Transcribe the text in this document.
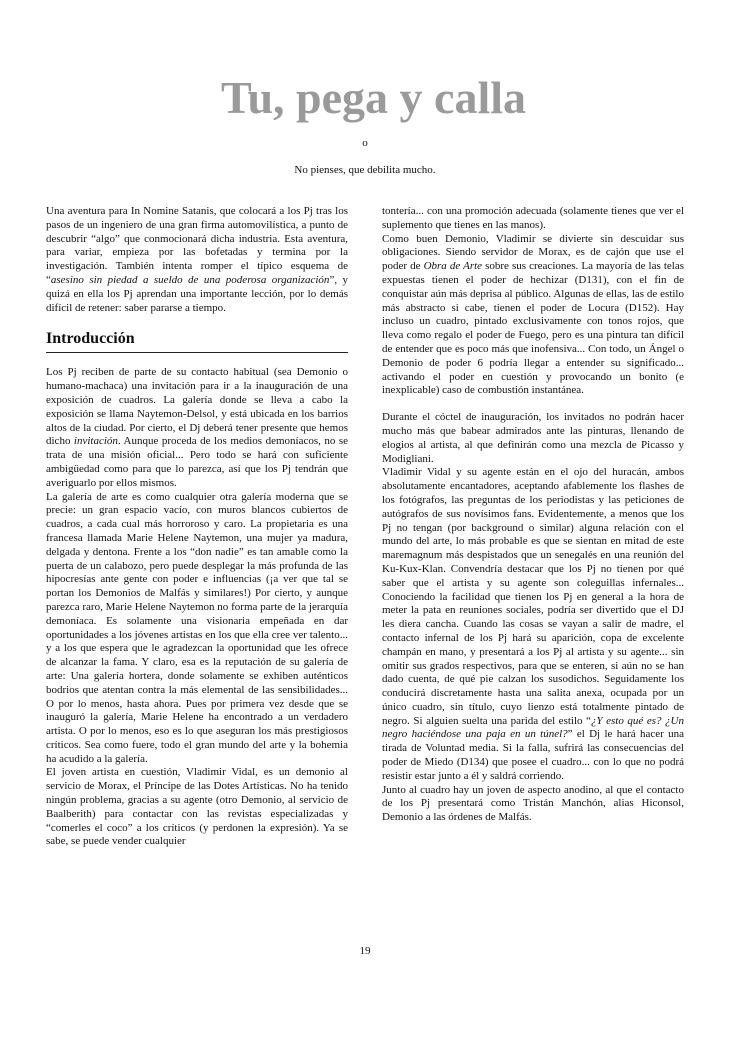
Tu, pega y calla
o
No pienses, que debilita mucho.

Una aventura para In Nomine Satanis, que colocará a los Pj tras los pasos de un ingeniero de una gran firma automovilística, a punto de descubrir “algo” que conmocionará dicha industria. Esta aventura, para variar, empieza por las bofetadas y termina por la investigación. También intenta romper el típico esquema de “asesino sin piedad a sueldo de una poderosa organización”, y quizá en ella los Pj aprendan una importante lección, por lo demás difícil de retener: saber pararse a tiempo.

Introducción

Los Pj reciben de parte de su contacto habitual (sea Demonio o humano-machaca) una invitación para ir a la inauguración de una exposición de cuadros. La galería donde se lleva a cabo la exposición se llama Naytemon-Delsol, y está ubicada en los barrios altos de la ciudad. Por cierto, el Dj deberá tener presente que hemos dicho invitación. Aunque proceda de los medios demoníacos, no se trata de una misión oficial... Pero todo se hará con suficiente ambigüedad como para que lo parezca, así que los Pj tendrán que averiguarlo por ellos mismos.

La galería de arte es como cualquier otra galería moderna que se precie: un gran espacio vacío, con muros blancos cubiertos de cuadros, a cada cual más horroroso y caro. La propietaria es una francesa llamada Marie Helene Naytemon, una mujer ya madura, delgada y dentona. Frente a los “don nadie” es tan amable como la puerta de un calabozo, pero puede desplegar la más profunda de las hipocresías ante gente con poder e influencias (¡a ver que tal se portan los Demonios de Malfás y similares!) Por cierto, y aunque parezca raro, Marie Helene Naytemon no forma parte de la jerarquía demoníaca. Es solamente una visionaria empeñada en dar oportunidades a los jóvenes artistas en los que ella cree ver talento... y a los que espera que le agradezcan la oportunidad que les ofrece de alcanzar la fama. Y claro, esa es la reputación de su galería de arte: Una galería hortera, donde solamente se exhiben auténticos bodrios que atentan contra la más elemental de las sensibilidades... O por lo menos, hasta ahora. Pues por primera vez desde que se inauguró la galería, Marie Helene ha encontrado a un verdadero artista. O por lo menos, eso es lo que aseguran los más prestigiosos críticos. Sea como fuere, todo el gran mundo del arte y la bohemia ha acudido a la galería.

El joven artista en cuestión, Vladimir Vidal, es un demonio al servicio de Morax, el Príncipe de las Dotes Artísticas. No ha tenido ningún problema, gracias a su agente (otro Demonio, al servicio de Baalberith) para contactar con las revistas especializadas y “comerles el coco” a los críticos (y perdonen la expresión). Ya se sabe, se puede vender cualquier

tontería... con una promoción adecuada (solamente tienes que ver el suplemento que tienes en las manos).

Como buen Demonio, Vladimir se divierte sin descuidar sus obligaciones. Siendo servidor de Morax, es de cajón que use el poder de Obra de Arte sobre sus creaciones. La mayoría de las telas expuestas tienen el poder de hechizar (D131), con el fin de conquistar aún más deprisa al público. Algunas de ellas, las de estilo más abstracto si cabe, tienen el poder de Locura (D152). Hay incluso un cuadro, pintado exclusivamente con tonos rojos, que lleva como regalo el poder de Fuego, pero es una pintura tan difícil de entender que es poco más que inofensiva... Con todo, un Ángel o Demonio de poder 6 podría llegar a entender su significado... activando el poder en cuestión y provocando un bonito (e inexplicable) caso de combustión instantánea.

Durante el cóctel de inauguración, los invitados no podrán hacer mucho más que babear admirados ante las pinturas, llenando de elogios al artista, al que definirán como una mezcla de Picasso y Modigliani.

Vladimir Vidal y su agente están en el ojo del huracán, ambos absolutamente encantadores, aceptando afablemente los flashes de los fotógrafos, las preguntas de los periodistas y las peticiones de autógrafos de sus novísimos fans. Evidentemente, a menos que los Pj no tengan (por background o similar) alguna relación con el mundo del arte, lo más probable es que se sientan en mitad de este maremagnum más despistados que un senegalés en una reunión del Ku-Kux-Klan. Convendría destacar que los Pj no tienen por qué saber que el artista y su agente son coleguillas infernales... Conociendo la facilidad que tienen los Pj en general a la hora de meter la pata en reuniones sociales, podría ser divertido que el DJ les diera cancha. Cuando las cosas se vayan a salir de madre, el contacto infernal de los Pj hará su aparición, copa de excelente champán en mano, y presentará a los Pj al artista y su agente... sin omitir sus grados respectivos, para que se enteren, si aún no se han dado cuenta, de qué pie calzan los susodichos. Seguidamente los conducirá discretamente hasta una salita anexa, ocupada por un único cuadro, sin título, cuyo lienzo está totalmente pintado de negro. Si alguien suelta una parida del estilo “¿Y esto qué es? ¿Un negro haciéndose una paja en un túnel?” el Dj le hará hacer una tirada de Voluntad media. Si la falla, sufrirá las consecuencias del poder de Miedo (D134) que posee el cuadro... con lo que no podrá resistir estar junto a él y saldrá corriendo.

Junto al cuadro hay un joven de aspecto anodino, al que el contacto de los Pj presentará como Tristán Manchón, alias Hiconsol, Demonio a las órdenes de Malfás.

19
